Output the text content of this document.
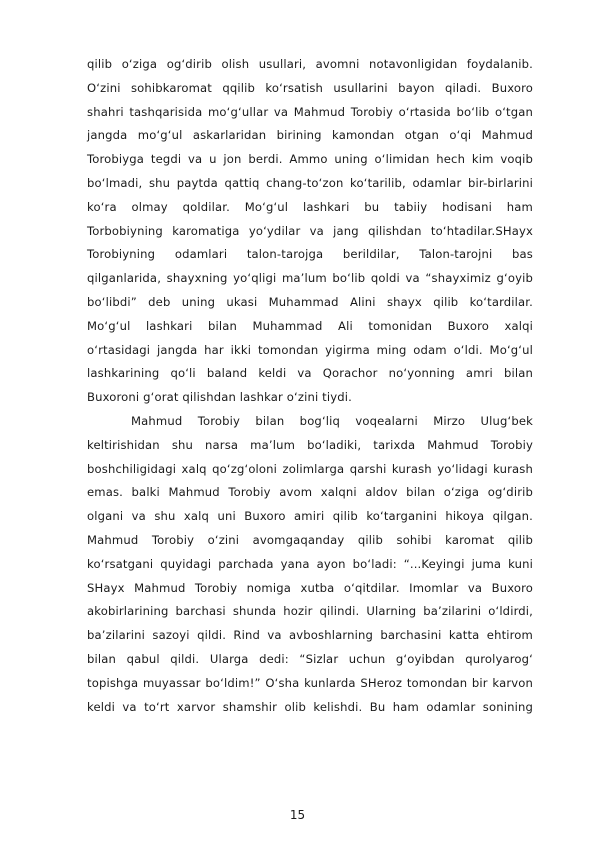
qilib o‘ziga og‘dirib olish usullari, avomni notavonligidan foydalanib.
O‘zini sohibkaromat qqilib ko‘rsatish usullarini bayon qiladi. Buxoro
shahri tashqarisida mo‘g‘ullar va Mahmud Torobiy o‘rtasida bo‘lib o‘tgan
jangda mo‘g‘ul askarlaridan birining kamondan otgan o‘qi Mahmud
Torobiyga tegdi va u jon berdi. Ammo uning o‘limidan hech kim voqib
bo‘lmadi, shu paytda qattiq chang-to‘zon ko‘tarilib, odamlar bir-birlarini
ko‘ra olmay qoldilar. Mo‘g‘ul lashkari bu tabiiy hodisani ham
Torbobiyning karomatiga yo‘ydilar va jang qilishdan to‘htadilar.SHayx
Torobiyning odamlari talon-tarojga berildilar, Talon-tarojni bas
qilganlarida, shayxning yo‘qligi ma’lum bo‘lib qoldi va “shayximiz g‘oyib
bo‘libdi” deb uning ukasi Muhammad Alini shayx qilib ko‘tardilar.
Mo‘g‘ul lashkari bilan Muhammad Ali tomonidan Buxoro xalqi
o‘rtasidagi jangda har ikki tomondan yigirma ming odam o‘ldi. Mo‘g‘ul
lashkarining qo‘li baland keldi va Qorachor no‘yonning amri bilan
Buxoroni g‘orat qilishdan lashkar o‘zini tiydi.
Mahmud Torobiy bilan bog‘liq voqealarni Mirzo Ulug‘bek
keltirishidan shu narsa ma’lum bo‘ladiki, tarixda Mahmud Torobiy
boshchiligidagi xalq qo‘zg‘oloni zolimlarga qarshi kurash yo‘lidagi kurash
emas. balki Mahmud Torobiy avom xalqni aldov bilan o‘ziga og‘dirib
olgani va shu xalq uni Buxoro amiri qilib ko‘targanini hikoya qilgan.
Mahmud Torobiy o‘zini avomgaqanday qilib sohibi karomat qilib
ko‘rsatgani quyidagi parchada yana ayon bo‘ladi: “...Keyingi juma kuni
SHayx Mahmud Torobiy nomiga xutba o‘qitdilar. Imomlar va Buxoro
akobirlarining barchasi shunda hozir qilindi. Ularning ba’zilarini o‘ldirdi,
ba’zilarini sazoyi qildi. Rind va avboshlarning barchasini katta ehtirom
bilan qabul qildi. Ularga dedi: “Sizlar uchun g‘oyibdan qurolyarog‘
topishga muyassar bo‘ldim!” O‘sha kunlarda SHeroz tomondan bir karvon
keldi va to‘rt xarvor shamshir olib kelishdi. Bu ham odamlar sonining
15
